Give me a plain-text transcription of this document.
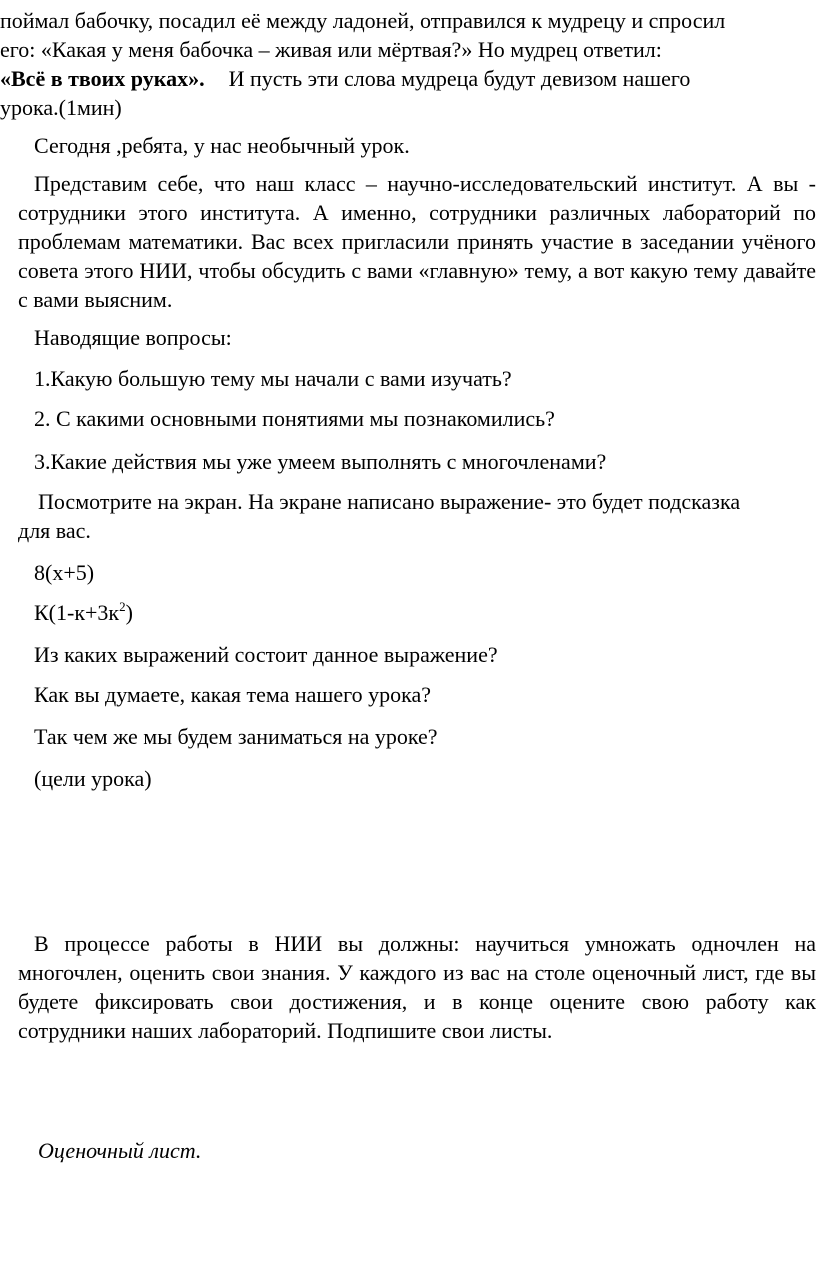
поймал бабочку, посадил её между ладоней, отправился к мудрецу и спросил

его: «Какая у меня бабочка – живая или мёртвая?» Но мудрец ответил:

«Всё в твоих руках». И пусть эти слова мудреца будут девизом нашего

урока.(1мин)

Сегодня ,ребята, у нас необычный урок.

Представим себе, что наш класс – научно-исследовательский институт. А вы - сотрудники этого института. А именно, сотрудники различных лабораторий по проблемам математики. Вас всех пригласили принять участие в заседании учёного совета этого НИИ, чтобы обсудить с вами «главную» тему, а вот какую тему давайте с вами выясним.

Наводящие вопросы:

1.Какую большую тему мы начали с вами изучать?

2. С какими основными понятиями мы познакомились?

3.Какие действия мы уже умеем выполнять с многочленами?

Посмотрите на экран. На экране написано выражение- это будет подсказка

для вас.

8(х+5)

$К(1-к+3к^2)$

Из каких выражений состоит данное выражение?

Как вы думаете, какая тема нашего урока?

Так чем же мы будем заниматься на уроке?

(цели урока)

В процессе работы в НИИ вы должны: научиться умножать одночлен на многочлен, оценить свои знания. У каждого из вас на столе оценочный лист, где вы будете фиксировать свои достижения, и в конце оцените свою работу как сотрудники наших лабораторий. Подпишите свои листы.

Оценочный лист.
